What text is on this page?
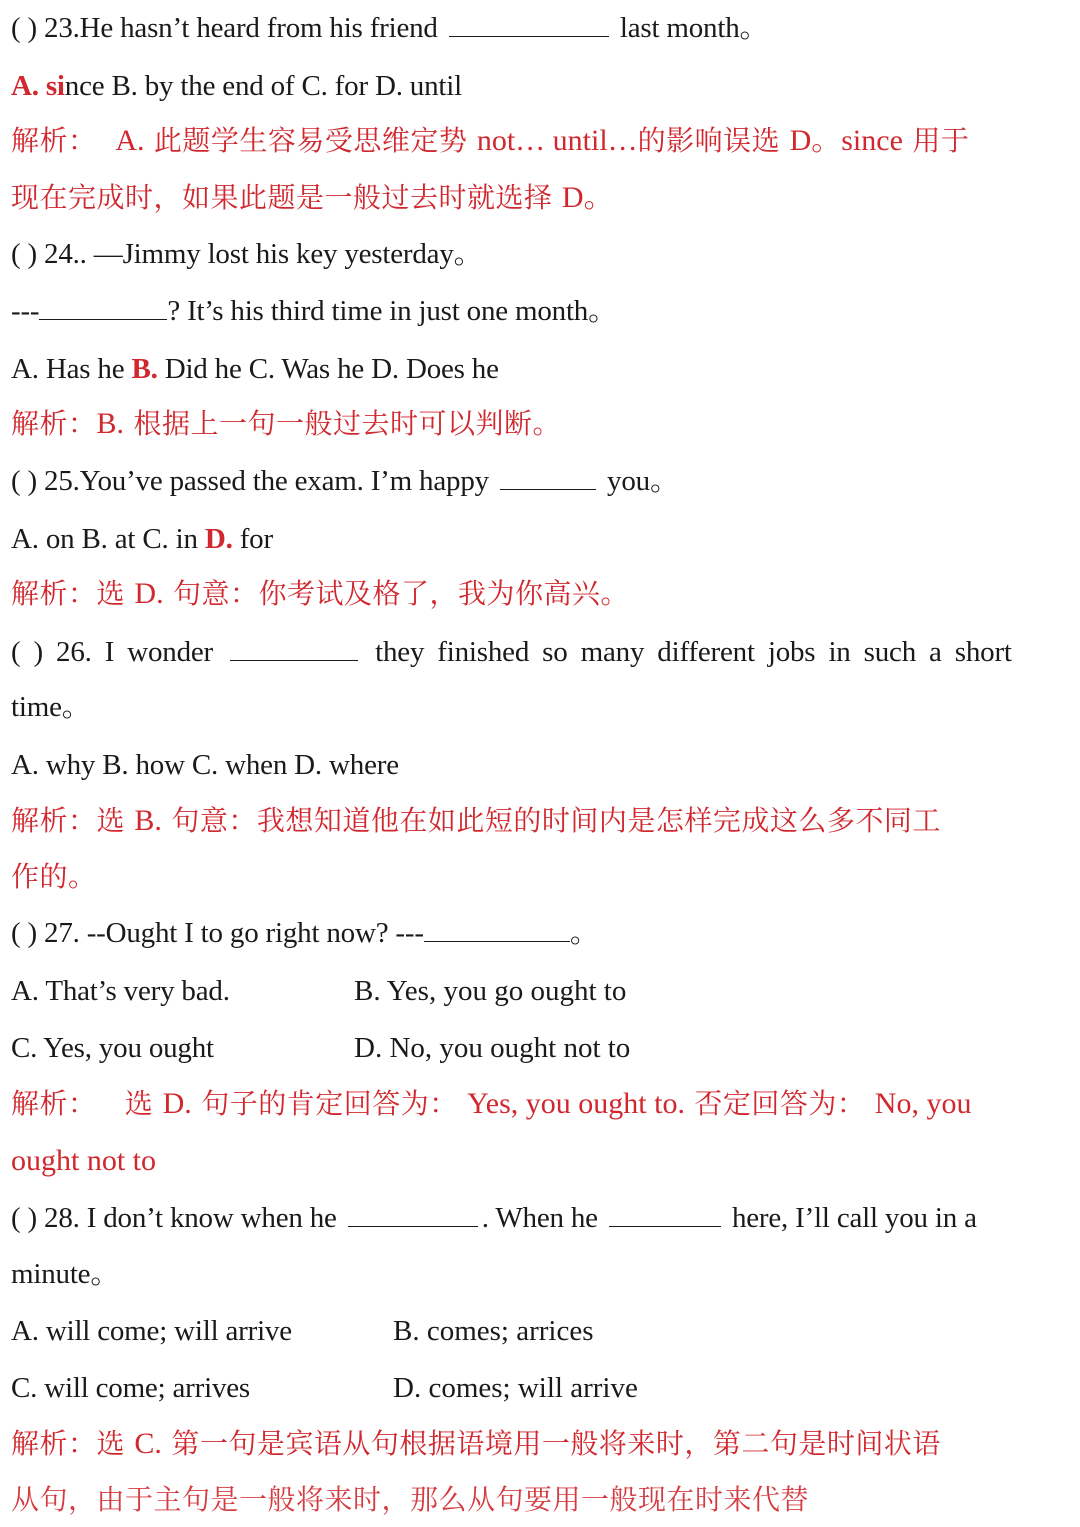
( ) 23.He hasn’t heard from his friend	last month。
A. since B. by the end of C. for D. until
解析： A. 此题学生容易受思维定势 not… until…的影响误选 D。since 用于
现在完成时，如果此题是一般过去时就选择 D。
( ) 24.. —Jimmy lost his key yesterday。
---	? It’s his third time in just one month。
A. Has he B. Did he C. Was he D. Does he
解析：B. 根据上一句一般过去时可以判断。
( ) 25.You’ve passed the exam. I’m happy	you。
A. on B. at C. in D. for
解析：选 D. 句意：你考试及格了，我为你高兴。
( ) 26. I wonder	they finished so many different jobs in such a short
time。
A. why B. how C. when D. where
解析：选 B. 句意：我想知道他在如此短的时间内是怎样完成这么多不同工
作的。
( ) 27. --Ought I to go right now? ---	。
A. That’s very bad.	B. Yes, you go ought to
C. Yes, you ought	D. No, you ought not to
解析： 选 D. 句子的肯定回答为： Yes, you ought to. 否定回答为： No, you
ought not to
( ) 28. I don’t know when he	. When he	here, I’ll call you in a
minute。
A. will come; will arrive	B. comes; arrices
C. will come; arrives	D. comes; will arrive
解析：选 C. 第一句是宾语从句根据语境用一般将来时，第二句是时间状语
从句，由于主句是一般将来时，那么从句要用一般现在时来代替
